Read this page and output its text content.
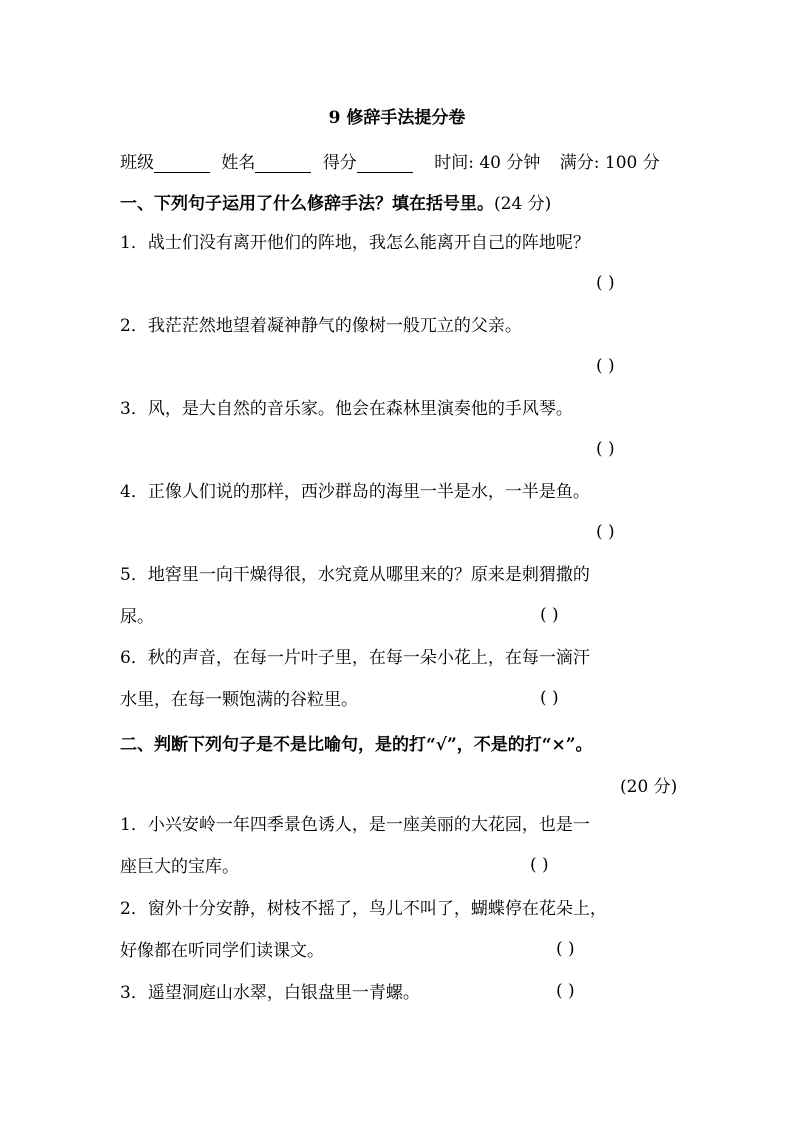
9 修辞手法提分卷
班级	姓名	得分	时间: 40 分钟 满分: 100 分
一、下列句子运用了什么修辞手法？填在括号里。(24 分)
1．战士们没有离开他们的阵地，我怎么能离开自己的阵地呢？
( )
2．我茫茫然地望着凝神静气的像树一般兀立的父亲。
( )
3．风，是大自然的音乐家。他会在森林里演奏他的手风琴。
( )
4．正像人们说的那样，西沙群岛的海里一半是水，一半是鱼。
( )
5．地窖里一向干燥得很，水究竟从哪里来的？原来是刺猬撒的
尿。	( )
6．秋的声音，在每一片叶子里，在每一朵小花上，在每一滴汗
水里，在每一颗饱满的谷粒里。	( )
二、判断下列句子是不是比喻句，是的打“√”，不是的打“×”。
(20 分)
1．小兴安岭一年四季景色诱人，是一座美丽的大花园，也是一
座巨大的宝库。	( )
2．窗外十分安静，树枝不摇了，鸟儿不叫了，蝴蝶停在花朵上，
好像都在听同学们读课文。	( )
3．遥望洞庭山水翠，白银盘里一青螺。	( )
